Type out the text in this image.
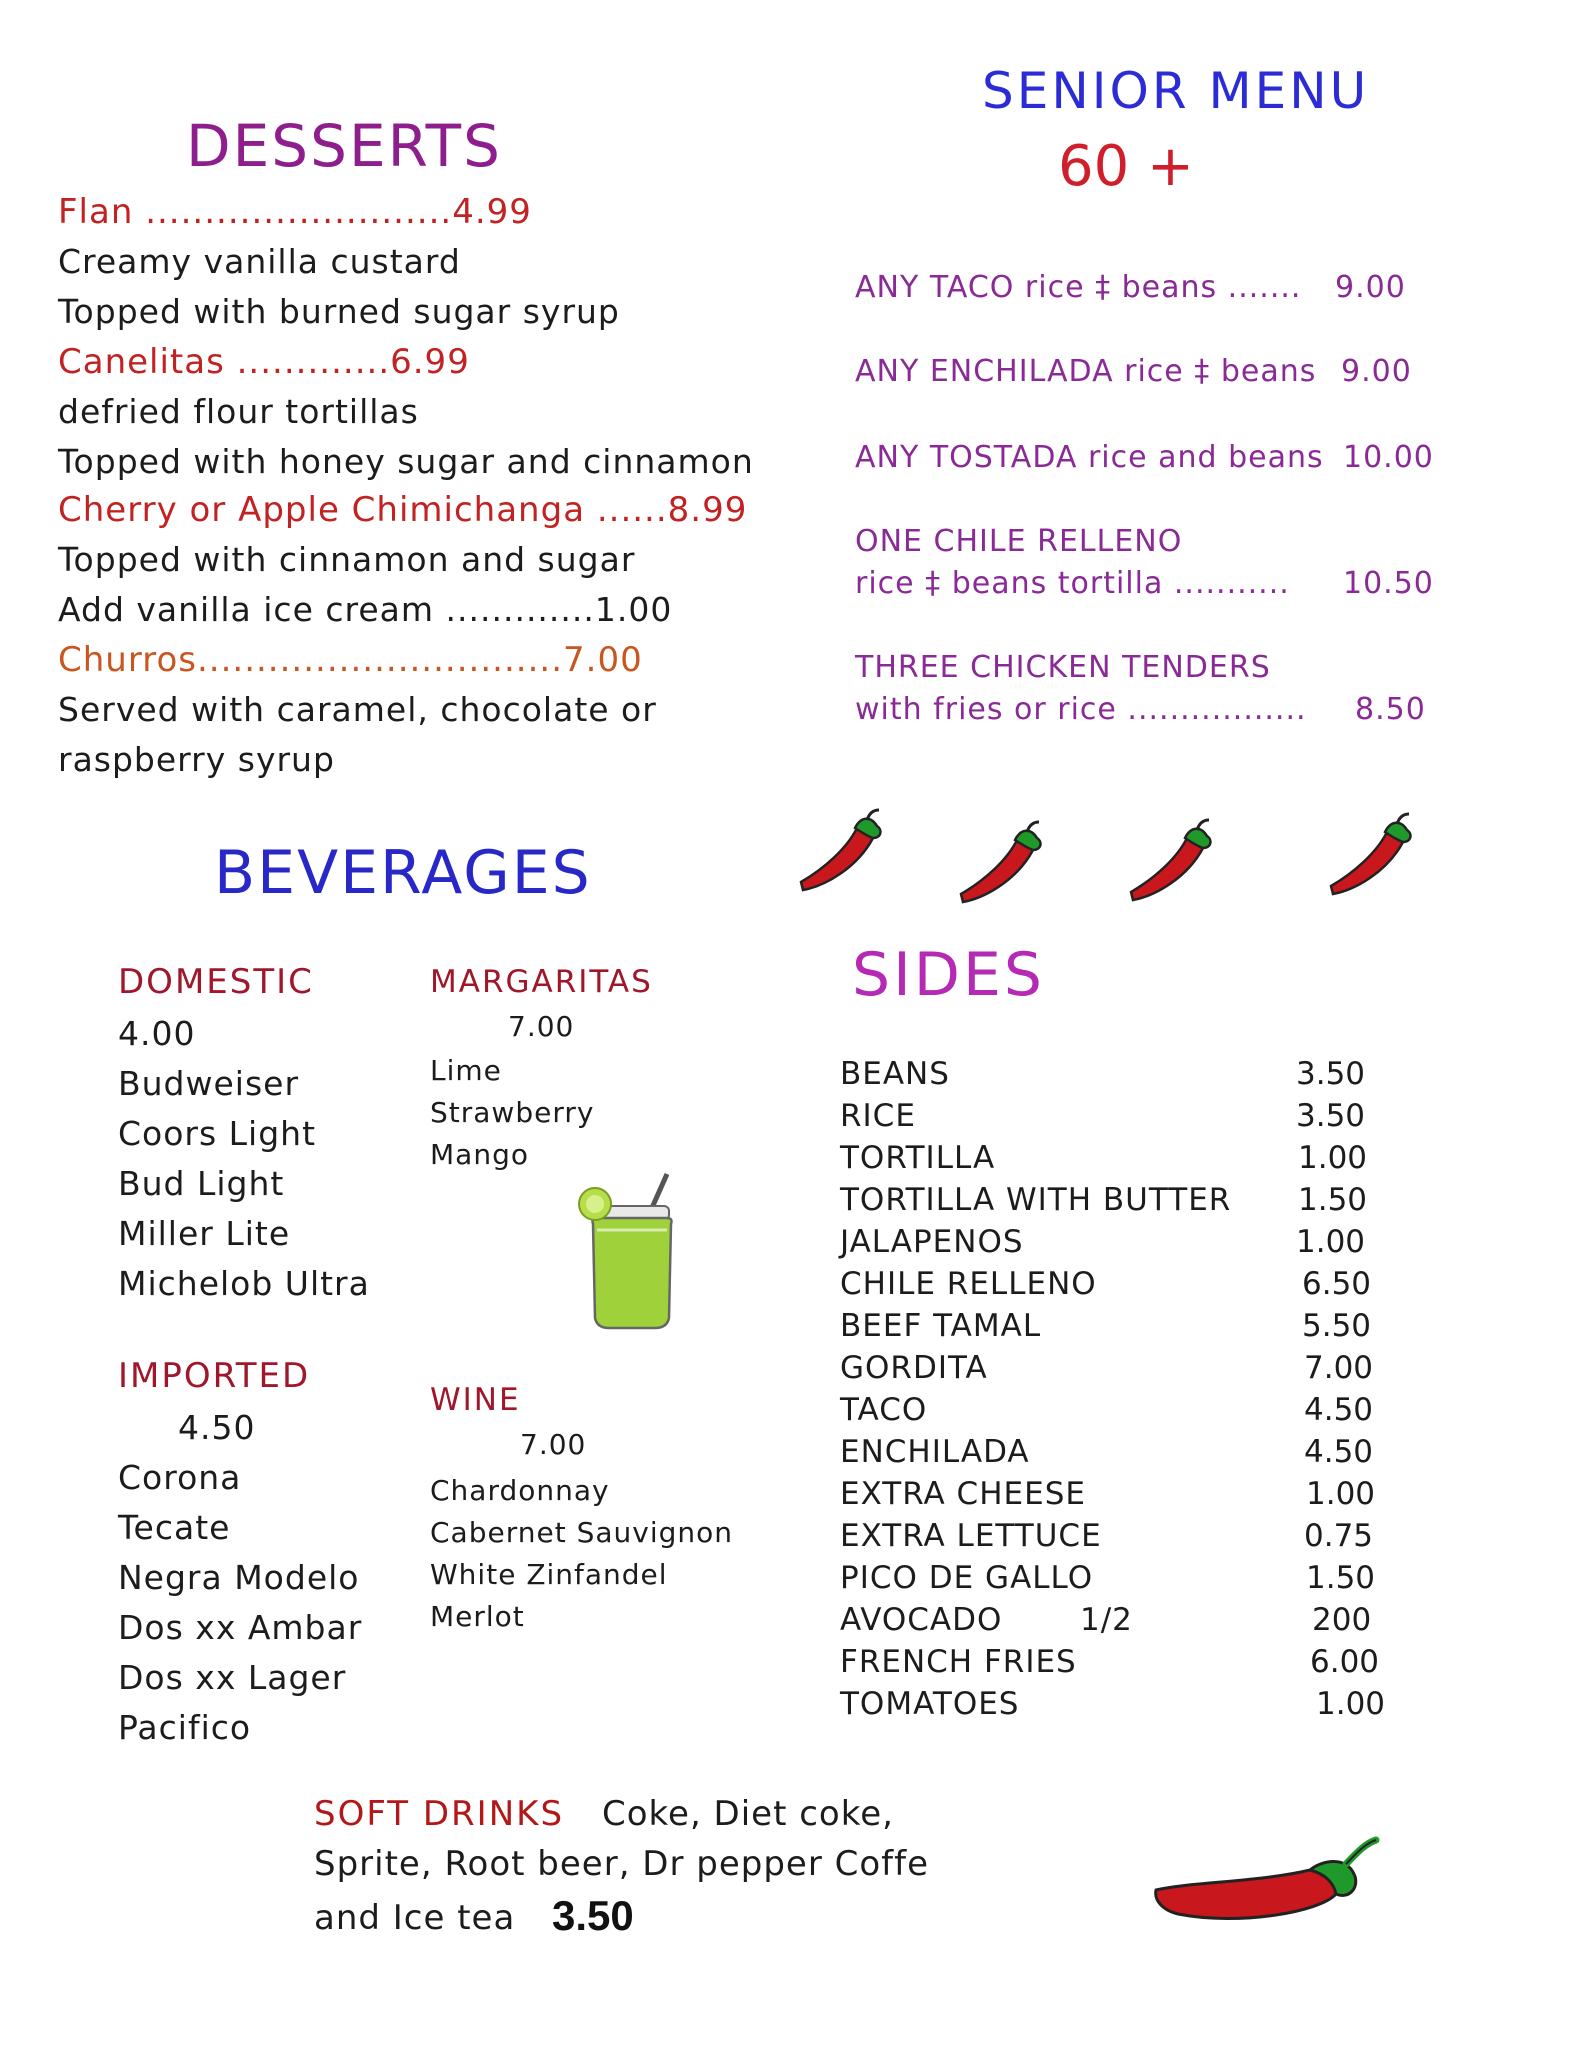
DESSERTS
Flan ..........................4.99
Creamy vanilla custard
Topped with burned sugar syrup
Canelitas .............6.99
defried flour tortillas
Topped with honey sugar and cinnamon
Cherry or Apple Chimichanga ......8.99
Topped with cinnamon and sugar
Add vanilla ice cream .............1.00
Churros...............................7.00
Served with caramel, chocolate or
raspberry syrup
SENIOR MENU
60 +
ANY TACO rice ‡ beans ....... 9.00
ANY ENCHILADA rice ‡ beans 9.00
ANY TOSTADA rice and beans 10.00
ONE CHILE RELLENO
rice ‡ beans tortilla ........... 10.50
THREE CHICKEN TENDERS
with fries or rice ................. 8.50
BEVERAGES
DOMESTIC
4.00
Budweiser
Coors Light
Bud Light
Miller Lite
Michelob Ultra
IMPORTED
4.50
Corona
Tecate
Negra Modelo
Dos xx Ambar
Dos xx Lager
Pacifico
MARGARITAS
7.00
Lime
Strawberry
Mango
WINE
7.00
Chardonnay
Cabernet Sauvignon
White Zinfandel
Merlot
SIDES
BEANS	3.50
RICE	3.50
TORTILLA	1.00
TORTILLA WITH BUTTER 1.50
JALAPENOS	1.00
CHILE RELLENO	6.50
BEEF TAMAL	5.50
GORDITA	7.00
TACO	4.50
ENCHILADA	4.50
EXTRA CHEESE	1.00
EXTRA LETTUCE	0.75
PICO DE GALLO	1.50
AVOCADO	1/2	200
FRENCH FRIES	6.00
TOMATOES	1.00
SOFT DRINKS Coke, Diet coke,
Sprite, Root beer, Dr pepper Coffe
and Ice tea 3.50
